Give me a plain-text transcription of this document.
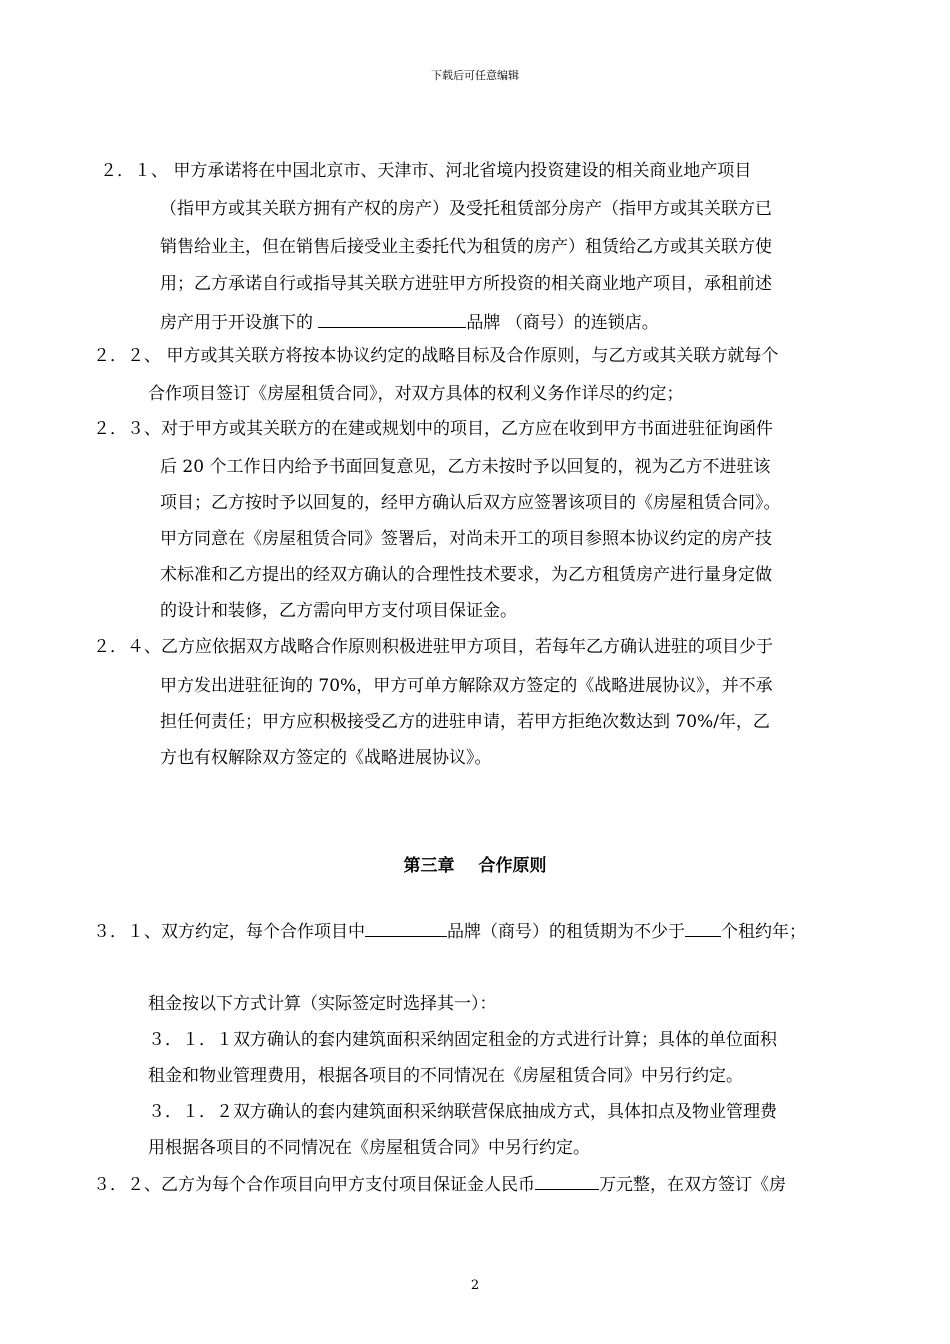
下载后可任意编辑
２．１、 甲方承诺将在中国北京市、天津市、河北省境内投资建设的相关商业地产项目
（指甲方或其关联方拥有产权的房产）及受托租赁部分房产（指甲方或其关联方已
销售给业主，但在销售后接受业主委托代为租赁的房产）租赁给乙方或其关联方使
用；乙方承诺自行或指导其关联方进驻甲方所投资的相关商业地产项目，承租前述
房产用于开设旗下的	品牌 （商号）的连锁店。
２．２、 甲方或其关联方将按本协议约定的战略目标及合作原则，与乙方或其关联方就每个
合作项目签订《房屋租赁合同》，对双方具体的权利义务作详尽的约定；
２．３、对于甲方或其关联方的在建或规划中的项目，乙方应在收到甲方书面进驻征询函件
后 20 个工作日内给予书面回复意见，乙方未按时予以回复的，视为乙方不进驻该
项目；乙方按时予以回复的，经甲方确认后双方应签署该项目的《房屋租赁合同》。
甲方同意在《房屋租赁合同》签署后，对尚未开工的项目参照本协议约定的房产技
术标准和乙方提出的经双方确认的合理性技术要求，为乙方租赁房产进行量身定做
的设计和装修，乙方需向甲方支付项目保证金。
２．４、乙方应依据双方战略合作原则积极进驻甲方项目，若每年乙方确认进驻的项目少于
甲方发出进驻征询的 70%，甲方可单方解除双方签定的《战略进展协议》，并不承
担任何责任；甲方应积极接受乙方的进驻申请，若甲方拒绝次数达到 70%/年，乙
方也有权解除双方签定的《战略进展协议》。
第三章 合作原则
３．１、双方约定，每个合作项目中	品牌（商号）的租赁期为不少于 个租约年；
租金按以下方式计算（实际签定时选择其一）：
３．１．１双方确认的套内建筑面积采纳固定租金的方式进行计算；具体的单位面积
租金和物业管理费用，根据各项目的不同情况在《房屋租赁合同》中另行约定。
３．１．２双方确认的套内建筑面积采纳联营保底抽成方式，具体扣点及物业管理费
用根据各项目的不同情况在《房屋租赁合同》中另行约定。
３．２、乙方为每个合作项目向甲方支付项目保证金人民币	万元整，在双方签订《房
2
